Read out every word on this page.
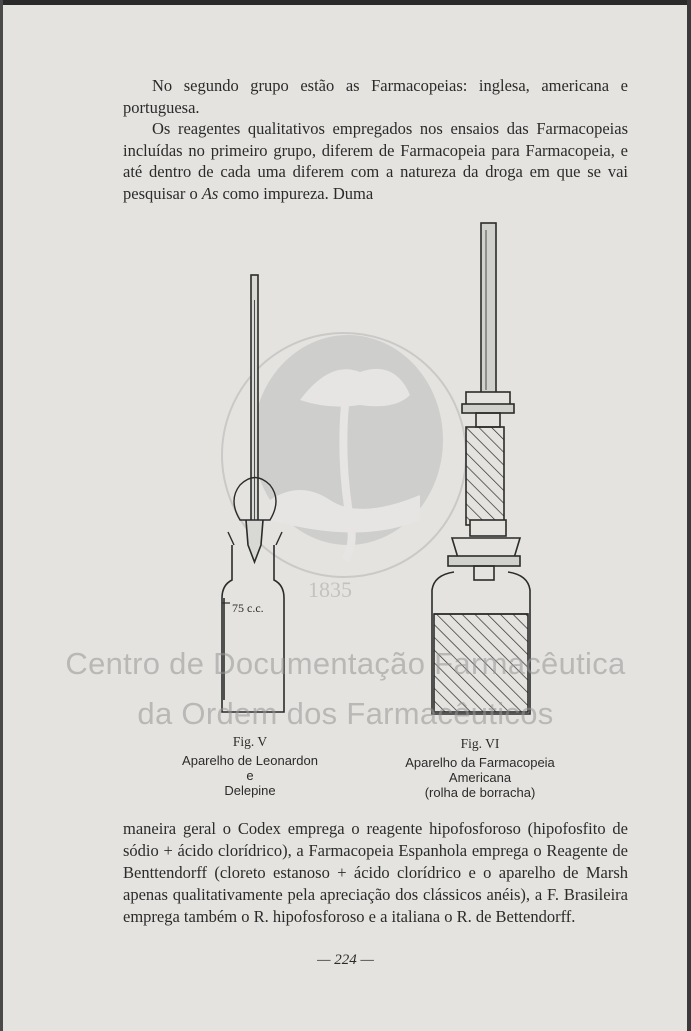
No segundo grupo estão as Farmacopeias: inglesa, americana e portuguesa.

Os reagentes qualitativos empregados nos ensaios das Farmacopeias incluídas no primeiro grupo, diferem de Farmacopeia para Farmacopeia, e até dentro de cada uma diferem com a natureza da droga em que se vai pesquisar o As como impureza. Duma

1835
75 c.c.
Fig. V
Aparelho de Leonardon
e
Delepine
Fig. VI
Aparelho da Farmacopeia
Americana
(rolha de borracha)
Centro de Documentação Farmacêutica
da Ordem dos Farmacêuticos

maneira geral o Codex emprega o reagente hipofosforoso (hipofosfito de sódio + ácido clorídrico), a Farmacopeia Espanhola emprega o Reagente de Benttendorff (cloreto estanoso + ácido clorídrico e o aparelho de Marsh apenas qualitativamente pela apreciação dos clássicos anéis), a F. Brasileira emprega também o R. hipofosforoso e a italiana o R. de Bettendorff.

— 224 —
